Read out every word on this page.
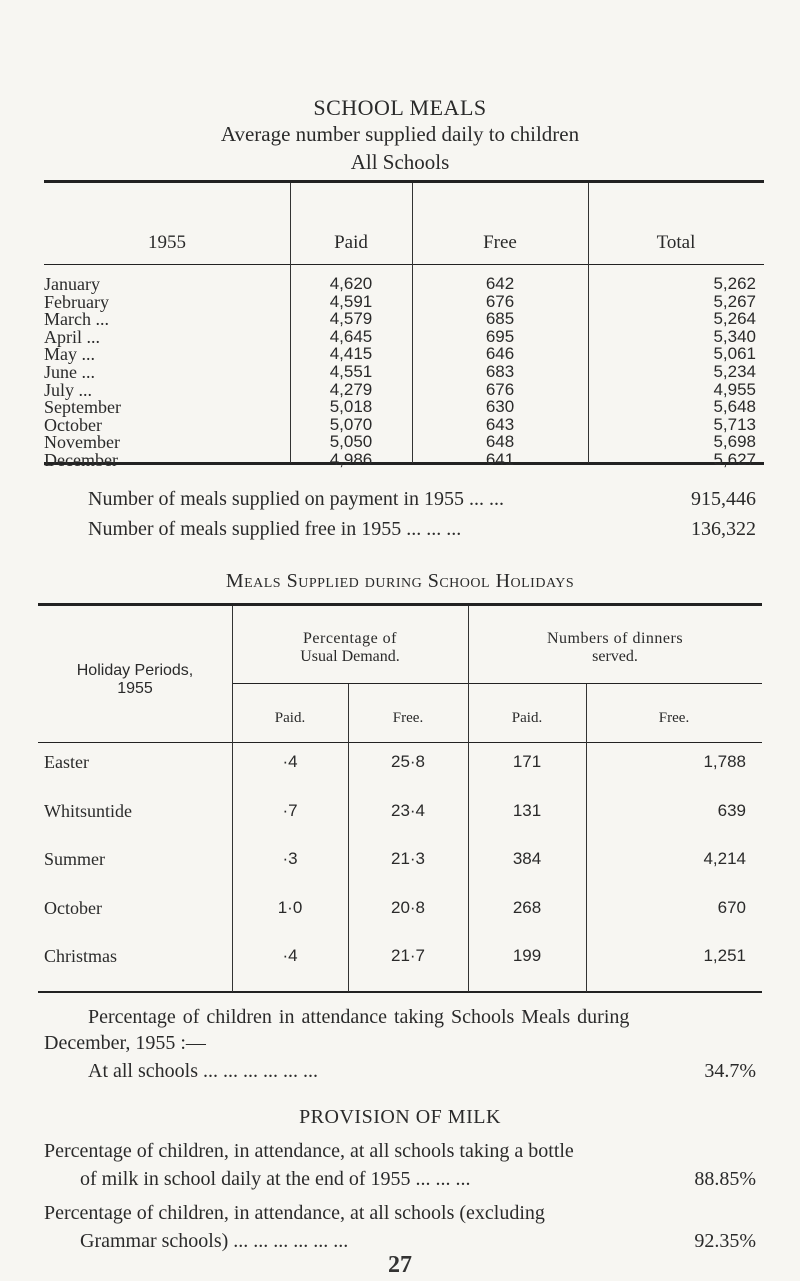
SCHOOL MEALS
Average number supplied daily to children
All Schools
1955	Paid	Free	Total
January	4,620	642	5,262
February	4,591	676	5,267
March ...	4,579	685	5,264
April ...	4,645	695	5,340
May ...	4,415	646	5,061
June ...	4,551	683	5,234
July ...	4,279	676	4,955
September	5,018	630	5,648
October	5,070	643	5,713
November	5,050	648	5,698
December	4,986	641	5,627
Number of meals supplied on payment in 1955 ... ...	915,446
Number of meals supplied free in 1955 ... ... ...	136,322
Meals Supplied during School Holidays
Holiday Periods,
1955
Percentage of
Usual Demand.
Numbers of dinners
served.
Paid.	Free.	Paid.	Free.
Easter	·4	25·8	171	1,788
Whitsuntide	·7	23·4	131	639
Summer	·3	21·3	384	4,214
October	1·0	20·8	268	670
Christmas	·4	21·7	199	1,251
Percentage of children in attendance taking Schools Meals during
December, 1955 :—
At all schools ... ... ... ... ... ...	34.7%
PROVISION OF MILK
Percentage of children, in attendance, at all schools taking a bottle
of milk in school daily at the end of 1955 ... ... ...	88.85%
Percentage of children, in attendance, at all schools (excluding
Grammar schools) ... ... ... ... ... ...	92.35%
27
